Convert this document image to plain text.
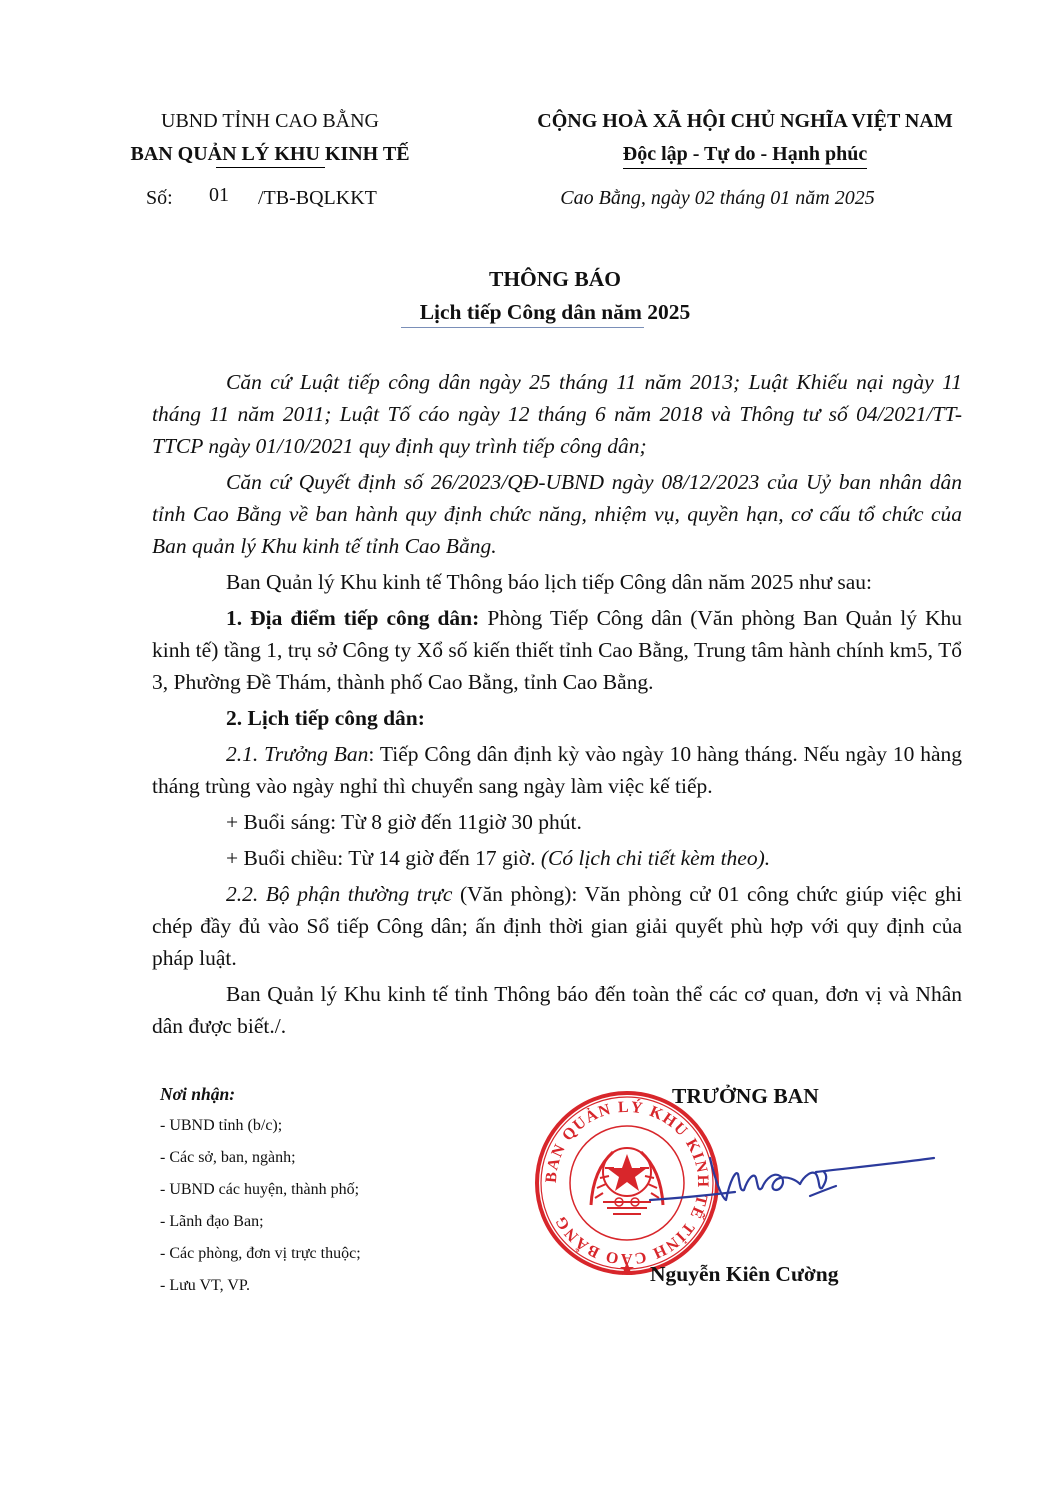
UBND TỈNH CAO BẰNG
BAN QUẢN LÝ KHU KINH TẾ
Số: 01 /TB-BQLKKT
CỘNG HOÀ XÃ HỘI CHỦ NGHĨA VIỆT NAM
Độc lập - Tự do - Hạnh phúc
Cao Bằng, ngày 02 tháng 01 năm 2025
THÔNG BÁO
Lịch tiếp Công dân năm 2025

Căn cứ Luật tiếp công dân ngày 25 tháng 11 năm 2013; Luật Khiếu nại ngày 11 tháng 11 năm 2011; Luật Tố cáo ngày 12 tháng 6 năm 2018 và Thông tư số 04/2021/TT-TTCP ngày 01/10/2021 quy định quy trình tiếp công dân;

Căn cứ Quyết định số 26/2023/QĐ-UBND ngày 08/12/2023 của Uỷ ban nhân dân tỉnh Cao Bằng về ban hành quy định chức năng, nhiệm vụ, quyền hạn, cơ cấu tổ chức của Ban quản lý Khu kinh tế tỉnh Cao Bằng.

Ban Quản lý Khu kinh tế Thông báo lịch tiếp Công dân năm 2025 như sau:

1. Địa điểm tiếp công dân: Phòng Tiếp Công dân (Văn phòng Ban Quản lý Khu kinh tế) tầng 1, trụ sở Công ty Xổ số kiến thiết tỉnh Cao Bằng, Trung tâm hành chính km5, Tổ 3, Phường Đề Thám, thành phố Cao Bằng, tỉnh Cao Bằng.

2. Lịch tiếp công dân:

2.1. Trưởng Ban: Tiếp Công dân định kỳ vào ngày 10 hàng tháng. Nếu ngày 10 hàng tháng trùng vào ngày nghỉ thì chuyển sang ngày làm việc kế tiếp.

+ Buổi sáng: Từ 8 giờ đến 11giờ 30 phút.

+ Buổi chiều: Từ 14 giờ đến 17 giờ. (Có lịch chi tiết kèm theo).

2.2. Bộ phận thường trực (Văn phòng): Văn phòng cử 01 công chức giúp việc ghi chép đầy đủ vào Sổ tiếp Công dân; ấn định thời gian giải quyết phù hợp với quy định của pháp luật.

Ban Quản lý Khu kinh tế tỉnh Thông báo đến toàn thể các cơ quan, đơn vị và Nhân dân được biết./.

Nơi nhận:
- UBND tỉnh (b/c);
- Các sở, ban, ngành;
- UBND các huyện, thành phố;
- Lãnh đạo Ban;
- Các phòng, đơn vị trực thuộc;
- Lưu VT, VP.
TRƯỞNG BAN
BAN QUẢN LÝ KHU KINH TẾ TỈNH CAO BẰNG
Nguyễn Kiên Cường
